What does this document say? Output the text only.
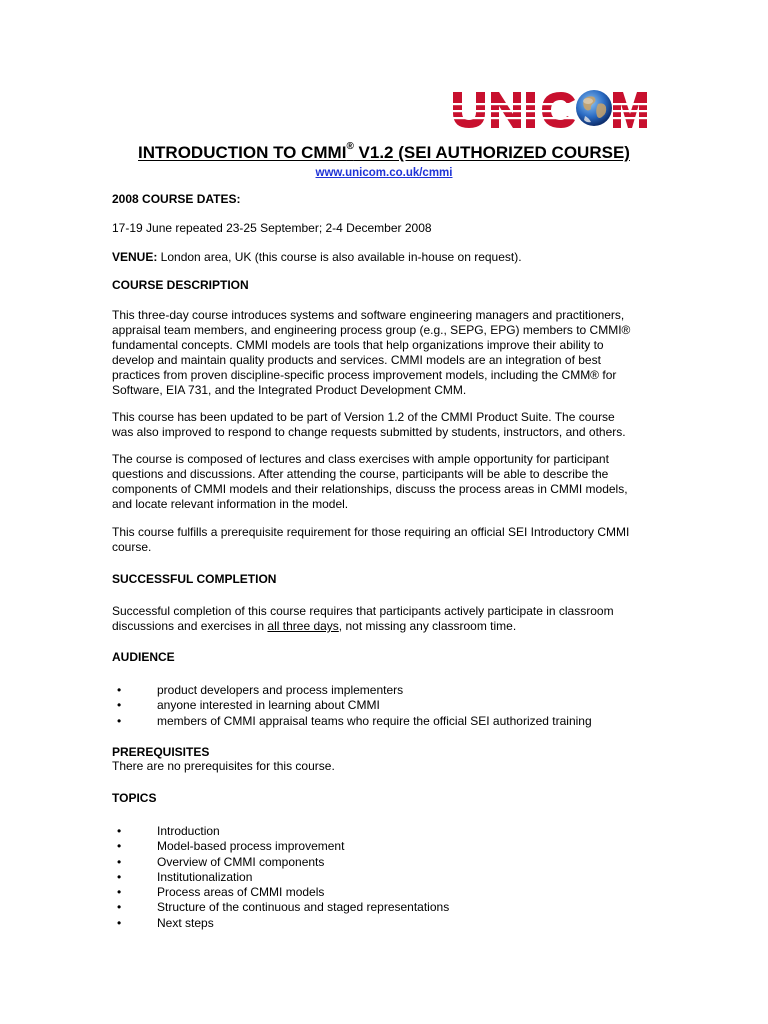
INTRODUCTION TO CMMI® V1.2 (SEI AUTHORIZED COURSE)
www.unicom.co.uk/cmmi
2008 COURSE DATES:
17-19 June repeated 23-25 September; 2-4 December 2008
VENUE: London area, UK (this course is also available in-house on request).
COURSE DESCRIPTION
This three-day course introduces systems and software engineering managers and practitioners,
appraisal team members, and engineering process group (e.g., SEPG, EPG) members to CMMI®
fundamental concepts. CMMI models are tools that help organizations improve their ability to
develop and maintain quality products and services. CMMI models are an integration of best
practices from proven discipline-specific process improvement models, including the CMM® for
Software, EIA 731, and the Integrated Product Development CMM.
This course has been updated to be part of Version 1.2 of the CMMI Product Suite. The course
was also improved to respond to change requests submitted by students, instructors, and others.
The course is composed of lectures and class exercises with ample opportunity for participant
questions and discussions. After attending the course, participants will be able to describe the
components of CMMI models and their relationships, discuss the process areas in CMMI models,
and locate relevant information in the model.
This course fulfills a prerequisite requirement for those requiring an official SEI Introductory CMMI
course.
SUCCESSFUL COMPLETION
Successful completion of this course requires that participants actively participate in classroom
discussions and exercises in all three days, not missing any classroom time.
AUDIENCE
•	product developers and process implementers
•	anyone interested in learning about CMMI
•	members of CMMI appraisal teams who require the official SEI authorized training
PREREQUISITES
There are no prerequisites for this course.
TOPICS
•	Introduction
•	Model-based process improvement
•	Overview of CMMI components
•	Institutionalization
•	Process areas of CMMI models
•	Structure of the continuous and staged representations
•	Next steps
